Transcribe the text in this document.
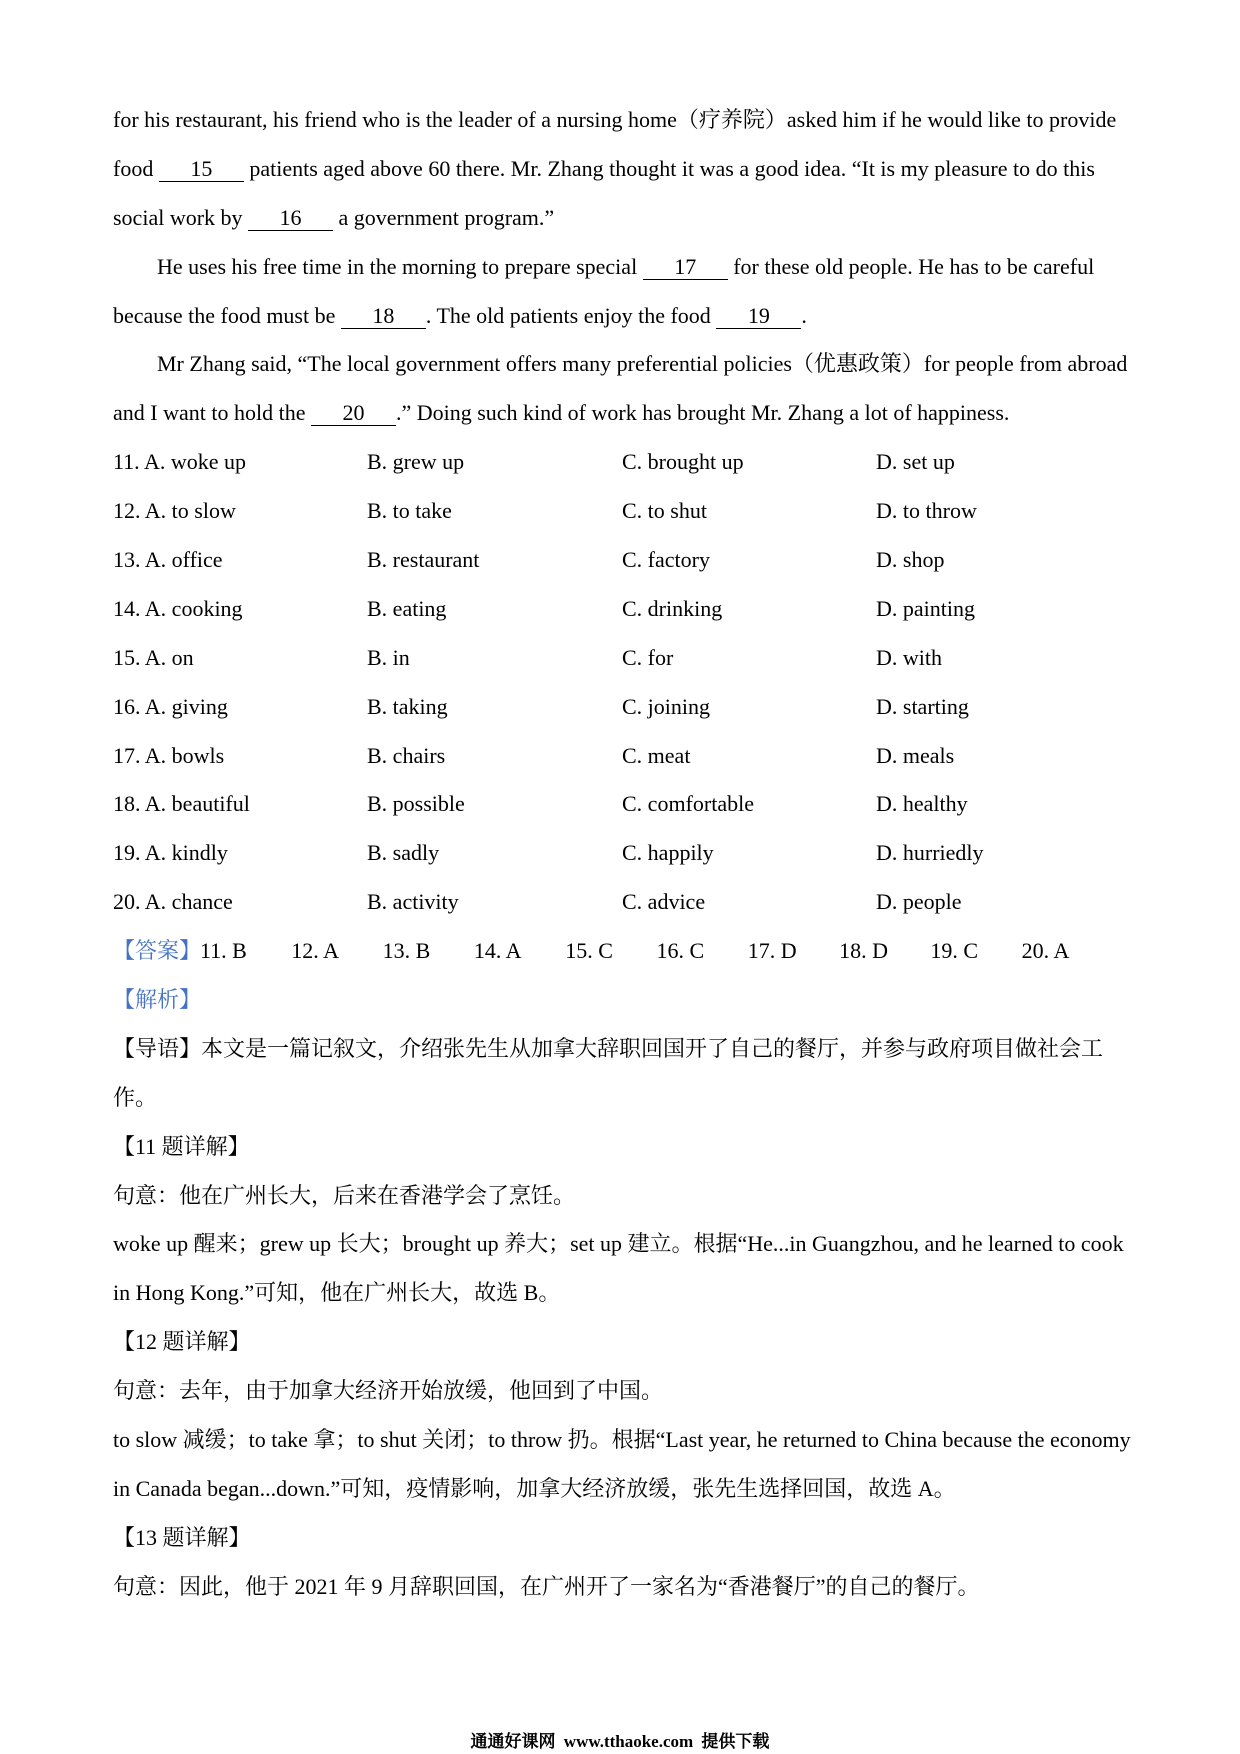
for his restaurant, his friend who is the leader of a nursing home（疗养院）asked him if he would like to provide
food 15 patients aged above 60 there. Mr. Zhang thought it was a good idea. “It is my pleasure to do this
social work by 16 a government program.”
He uses his free time in the morning to prepare special 17 for these old people. He has to be careful
because the food must be 18 . The old patients enjoy the food 19 .
Mr Zhang said, “The local government offers many preferential policies（优惠政策）for people from abroad
and I want to hold the 20 .” Doing such kind of work has brought Mr. Zhang a lot of happiness.
11. A. woke up	B. grew up	C. brought up	D. set up
12. A. to slow	B. to take	C. to shut	D. to throw
13. A. office	B. restaurant	C. factory	D. shop
14. A. cooking	B. eating	C. drinking	D. painting
15. A. on	B. in	C. for	D. with
16. A. giving	B. taking	C. joining	D. starting
17. A. bowls	B. chairs	C. meat	D. meals
18. A. beautiful	B. possible	C. comfortable	D. healthy
19. A. kindly	B. sadly	C. happily	D. hurriedly
20. A. chance	B. activity	C. advice	D. people
【答案】11. B 12. A 13. B 14. A 15. C 16. C 17. D 18. D 19. C 20. A
【解析】
【导语】本文是一篇记叙文，介绍张先生从加拿大辞职回国开了自己的餐厅，并参与政府项目做社会工
作。
【11 题详解】
句意：他在广州长大，后来在香港学会了烹饪。
woke up 醒来；grew up 长大；brought up 养大；set up 建立。根据“He...in Guangzhou, and he learned to cook
in Hong Kong.”可知，他在广州长大，故选 B。
【12 题详解】
句意：去年，由于加拿大经济开始放缓，他回到了中国。
to slow 减缓；to take 拿；to shut 关闭；to throw 扔。根据“Last year, he returned to China because the economy
in Canada began...down.”可知，疫情影响，加拿大经济放缓，张先生选择回国，故选 A。
【13 题详解】
句意：因此，他于 2021 年 9 月辞职回国，在广州开了一家名为“香港餐厅”的自己的餐厅。
通通好课网 www.tthaoke.com 提供下载
